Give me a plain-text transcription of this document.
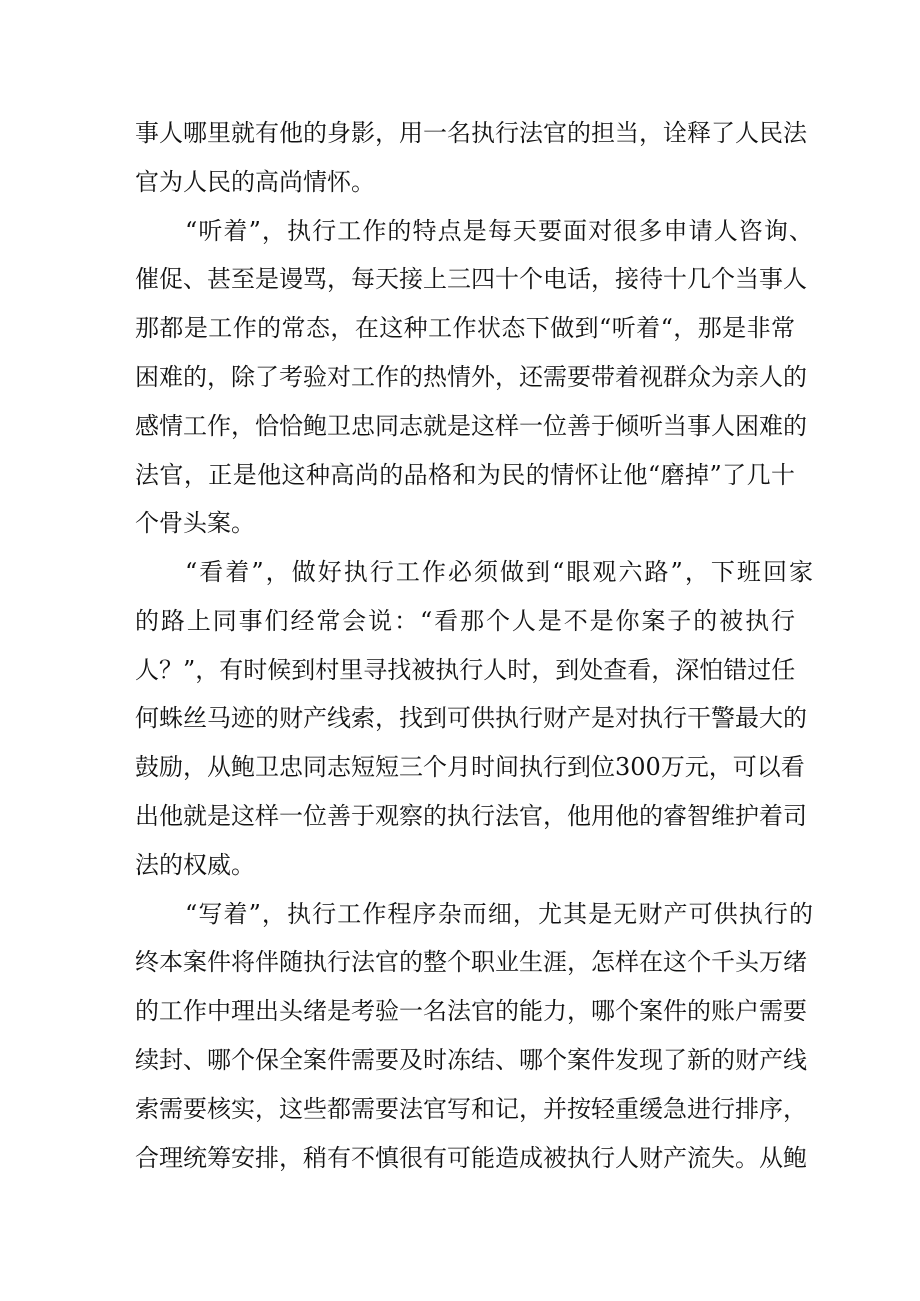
事人哪里就有他的身影，用一名执行法官的担当，诠释了人民法
官为人民的高尚情怀。
“听着”，执行工作的特点是每天要面对很多申请人咨询、
催促、甚至是谩骂，每天接上三四十个电话，接待十几个当事人
那都是工作的常态，在这种工作状态下做到“听着“，那是非常
困难的，除了考验对工作的热情外，还需要带着视群众为亲人的
感情工作，恰恰鲍卫忠同志就是这样一位善于倾听当事人困难的
法官，正是他这种高尚的品格和为民的情怀让他“磨掉”了几十
个骨头案。
“看着”，做好执行工作必须做到“眼观六路”，下班回家
的路上同事们经常会说：“看那个人是不是你案子的被执行
人？”，有时候到村里寻找被执行人时，到处查看，深怕错过任
何蛛丝马迹的财产线索，找到可供执行财产是对执行干警最大的
鼓励，从鲍卫忠同志短短三个月时间执行到位300万元，可以看
出他就是这样一位善于观察的执行法官，他用他的睿智维护着司
法的权威。
“写着”，执行工作程序杂而细，尤其是无财产可供执行的
终本案件将伴随执行法官的整个职业生涯，怎样在这个千头万绪
的工作中理出头绪是考验一名法官的能力，哪个案件的账户需要
续封、哪个保全案件需要及时冻结、哪个案件发现了新的财产线
索需要核实，这些都需要法官写和记，并按轻重缓急进行排序，
合理统筹安排，稍有不慎很有可能造成被执行人财产流失。从鲍
